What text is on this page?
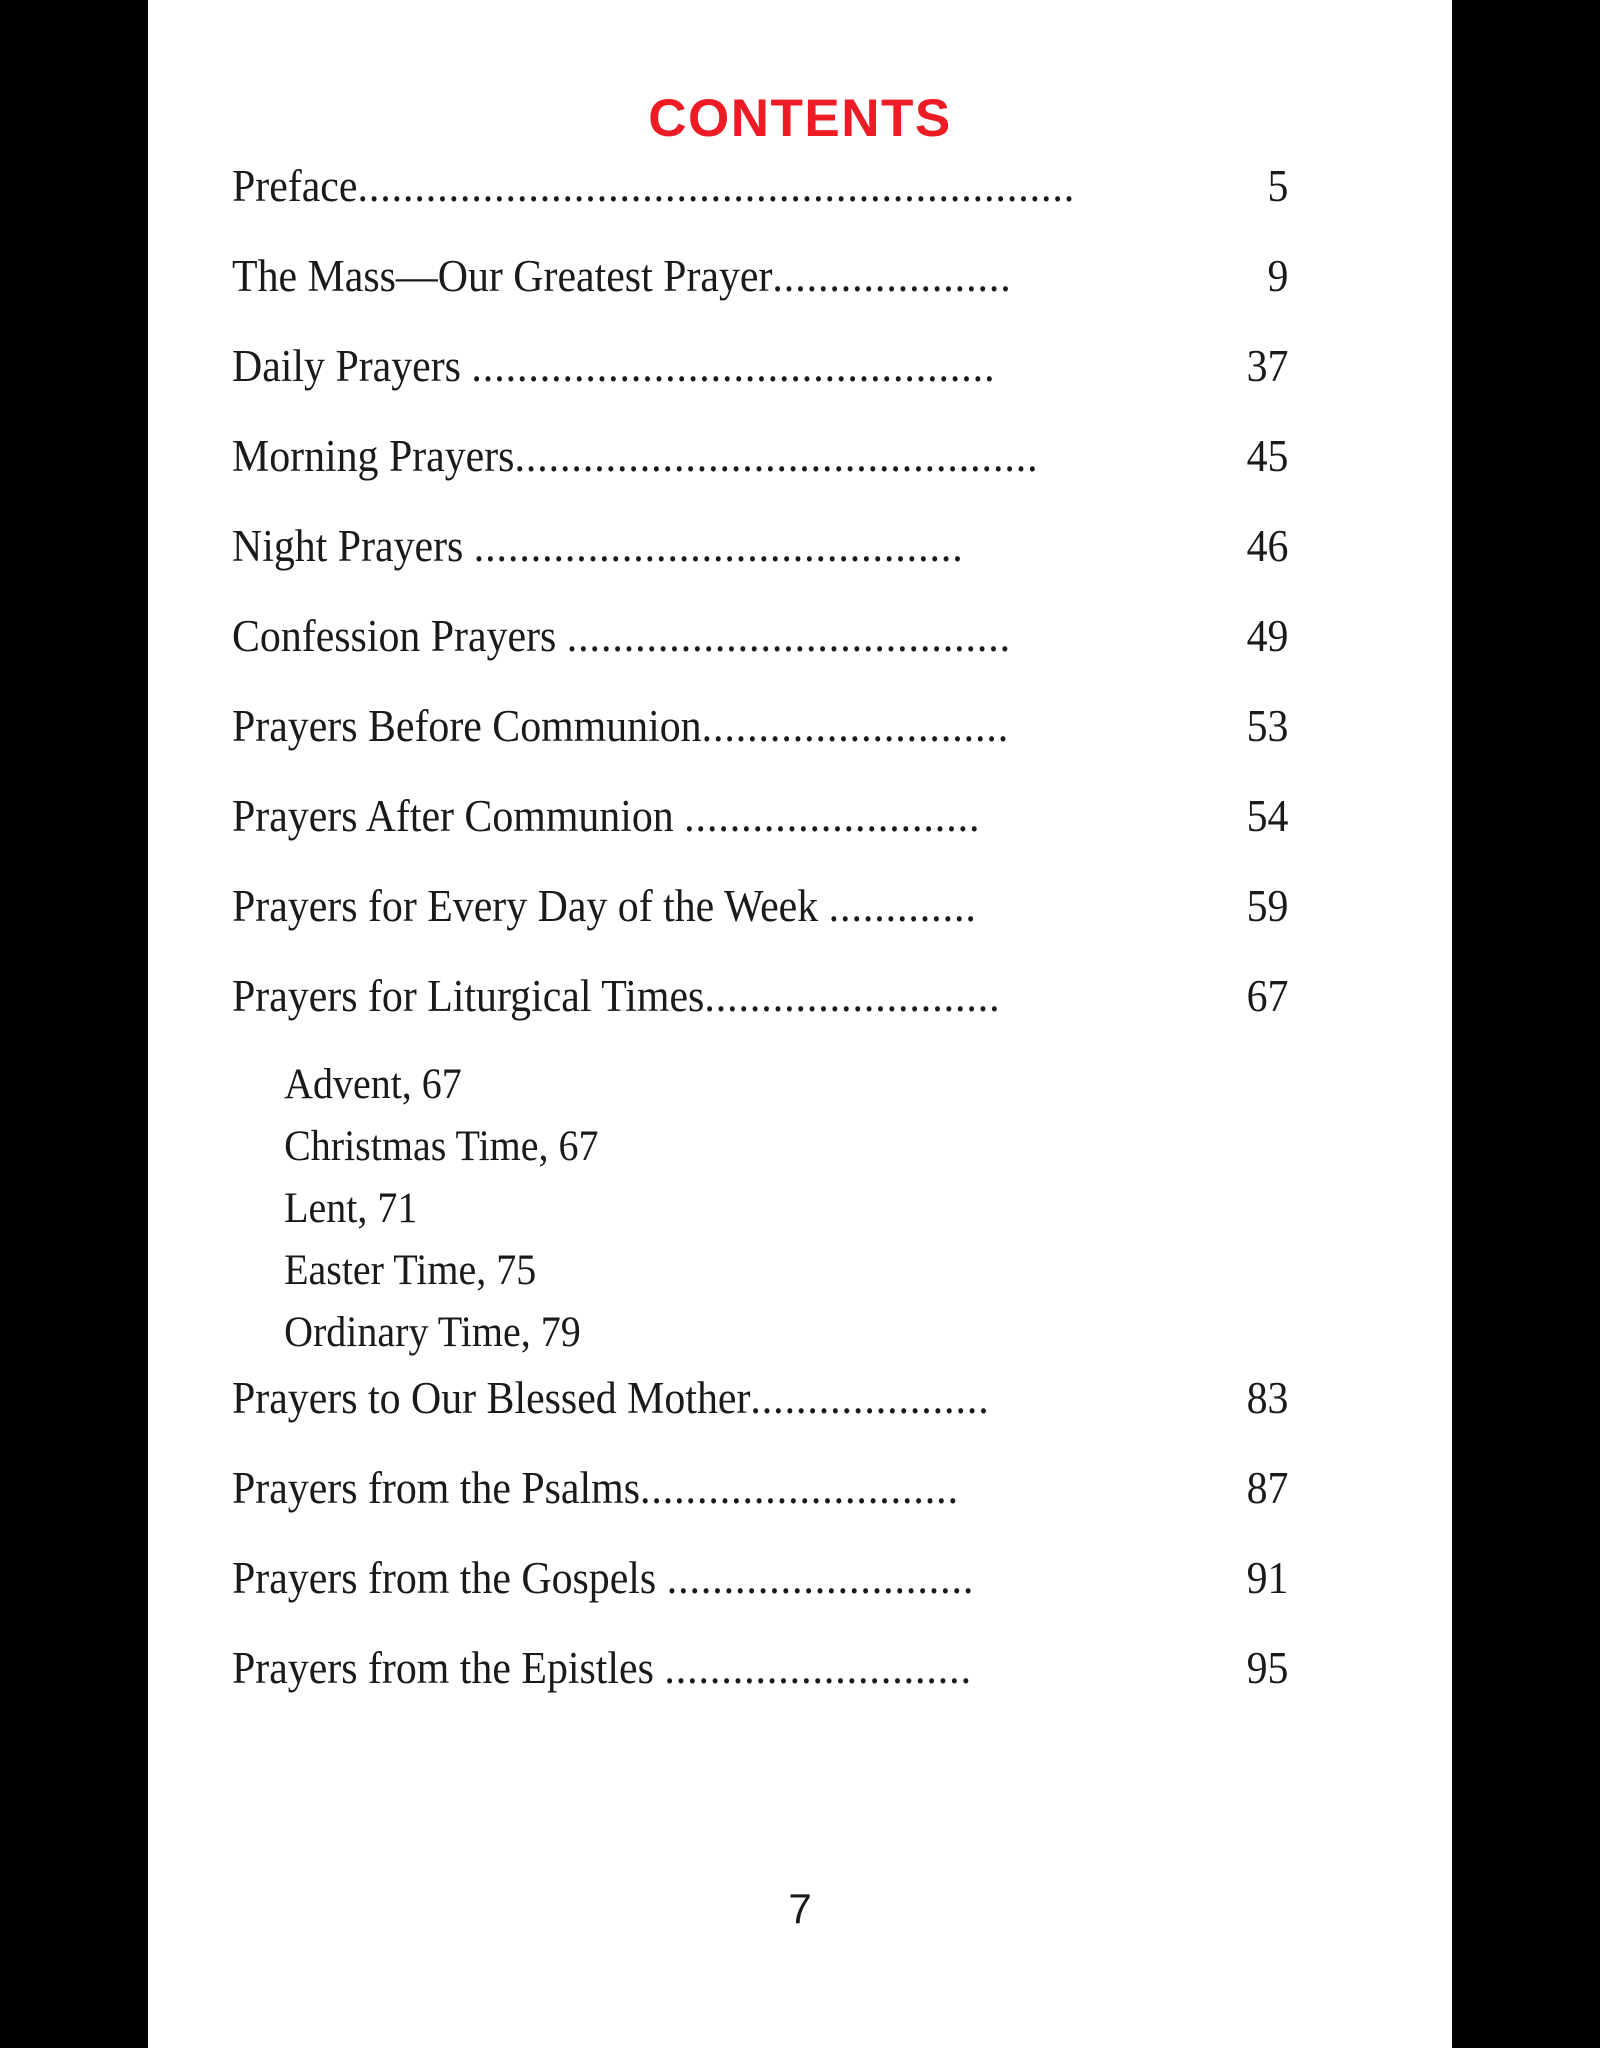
CONTENTS
Preface ...............................................................	5
The Mass—Our Greatest Prayer .....................	9
Daily Prayers ..............................................	37
Morning Prayers ..............................................	45
Night Prayers ...........................................	46
Confession Prayers .......................................	49
Prayers Before Communion ...........................	53
Prayers After Communion ..........................	54
Prayers for Every Day of the Week .............	59
Prayers for Liturgical Times ..........................	67
Advent, 67
Christmas Time, 67
Lent, 71
Easter Time, 75
Ordinary Time, 79
Prayers to Our Blessed Mother .....................	83
Prayers from the Psalms ............................	87
Prayers from the Gospels ...........................	91
Prayers from the Epistles ...........................	95
7
